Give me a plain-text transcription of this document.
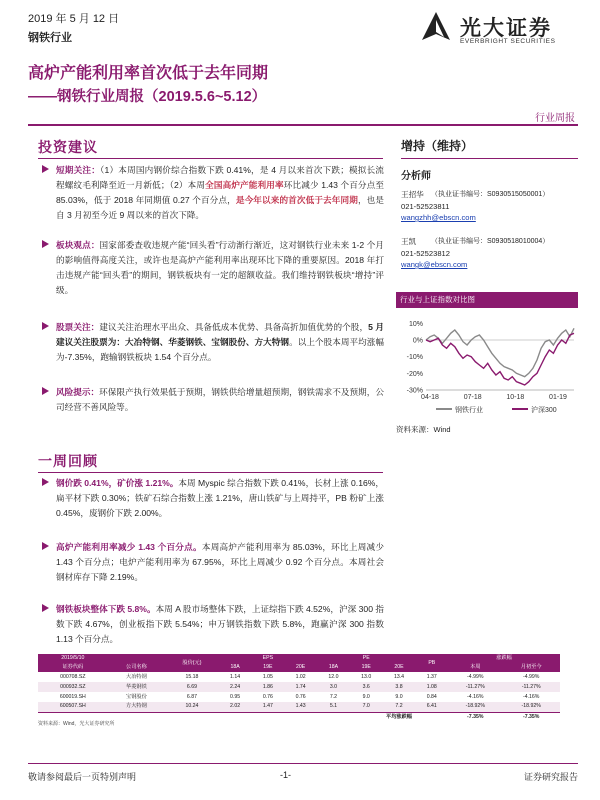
2019 年 5 月 12 日
钢铁行业	光大证券
EVERBRIGHT SECURITIES
高炉产能利用率首次低于去年同期
——钢铁行业周报（2019.5.6~5.12）
行业周报
投资建议
短期关注：（1）本周国内钢价综合指数下跌 0.41%，是 4 月以来首次下跌；模拟长流程螺纹毛利降至近一月新低；（2）本周全国高炉产能利用率环比减少 1.43 个百分点至 85.03%，低于 2018 年同期值 0.27 个百分点，是今年以来的首次低于去年同期，也是自 3 月初至今近 9 周以来的首次下降。
板块观点：国家部委查收违规产能“回头看”行动渐行渐近，这对钢铁行业未来 1-2 个月的影响值得高度关注，或许也是高炉产能利用率出现环比下降的重要原因。2018 年打击违规产能“回头看”的期间，钢铁板块有一定的超额收益。我们维持钢铁板块“增持”评级。
股票关注：建议关注治理水平出众、具备低成本优势、具备高折加值优势的个股，5 月建议关注股票为：大冶特钢、华菱钢铁、宝钢股份、方大特钢。以上个股本周平均涨幅为-7.35%，跑输钢铁板块 1.54 个百分点。
风险提示：环保限产执行效果低于预期，钢铁供给增量超预期，钢铁需求不及预期，公司经营不善风险等。
一周回顾
钢价跌 0.41%，矿价涨 1.21%。本周 Myspic 综合指数下跌 0.41%，长材上涨 0.16%，扁平材下跌 0.30%；铁矿石综合指数上涨 1.21%，唐山铁矿与上周持平，PB 粉矿上涨 0.45%，废钢价下跌 2.00%。
高炉产能利用率减少 1.43 个百分点。本周高炉产能利用率为 85.03%，环比上周减少 1.43 个百分点；电炉产能利用率为 67.95%，环比上周减少 0.92 个百分点。本周社会钢材库存下降 2.19%。
钢铁板块整体下跌 5.8%。本周 A 股市场整体下跌，上证综指下跌 4.52%，沪深 300 指数下跌 4.67%，创业板指下跌 5.54%；申万钢铁指数下跌 5.8%，跑赢沪深 300 指数 1.13 个百分点。
增持（维持）
分析师
王招华 （执业证书编号：S0930515050001）
021-52523811
wangzhh@ebscn.com
王凯 （执业证书编号：S0930518010004）
021-52523812
wangk@ebscn.com
行业与上证指数对比图
10%
0%
-10%
-20%
-30%
04-18	07-18	10-18	01-19
钢铁行业	沪深300
资料来源：Wind
2019/5/10		股价(元)	EPS			PE			PB	涨跌幅	
证券代码	公司名称		18A	19E	20E	18A	19E	20E		本周	月初至今
000708.SZ	大冶特钢	15.18	1.14	1.05	1.02	12.0	13.0	13.4	1.37	-4.99%	-4.99%
000932.SZ	华菱钢铁	6.69	2.24	1.86	1.74	3.0	3.6	3.8	1.08	-11.27%	-11.27%
600019.SH	宝钢股份	6.87	0.95	0.76	0.76	7.2	9.0	9.0	0.84	-4.16%	-4.16%
600507.SH	方大特钢	10.24	2.02	1.47	1.43	5.1	7.0	7.2	6.41	-18.92%	-18.92%
							平均涨跌幅			-7.35%	-7.35%
资料来源：Wind，光大证券研究所
敬请参阅最后一页特别声明	-1-	证券研究报告
